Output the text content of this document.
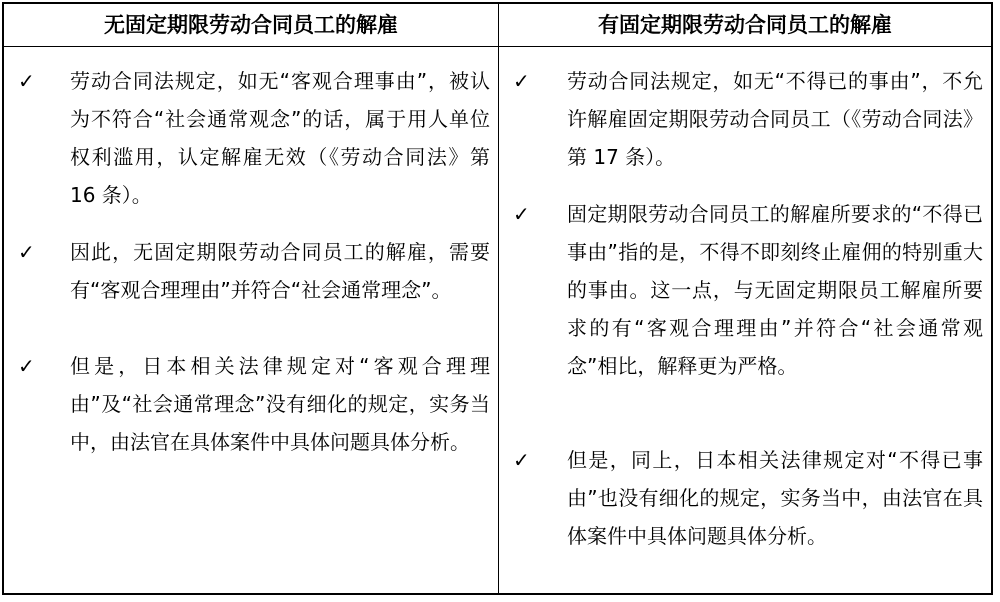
无固定期限劳动合同员工的解雇	有固定期限劳动合同员工的解雇
✓ 劳动合同法规定，如无“客观合理事由”，被认为不符合“社会通常观念”的话，属于用人单位权利滥用，认定解雇无效（《劳动合同法》第 16 条）。
✓ 因此，无固定期限劳动合同员工的解雇，需要有“客观合理理由”并符合“社会通常理念”。
✓ 但是，日本相关法律规定对“客观合理理由”及“社会通常理念”没有细化的规定，实务当中，由法官在具体案件中具体问题具体分析。
✓ 劳动合同法规定，如无“不得已的事由”，不允许解雇固定期限劳动合同员工（《劳动合同法》第 17 条）。
✓ 固定期限劳动合同员工的解雇所要求的“不得已事由”指的是，不得不即刻终止雇佣的特别重大的事由。这一点，与无固定期限员工解雇所要求的有“客观合理理由”并符合“社会通常观念”相比，解释更为严格。
✓ 但是，同上，日本相关法律规定对“不得已事由”也没有细化的规定，实务当中，由法官在具体案件中具体问题具体分析。
